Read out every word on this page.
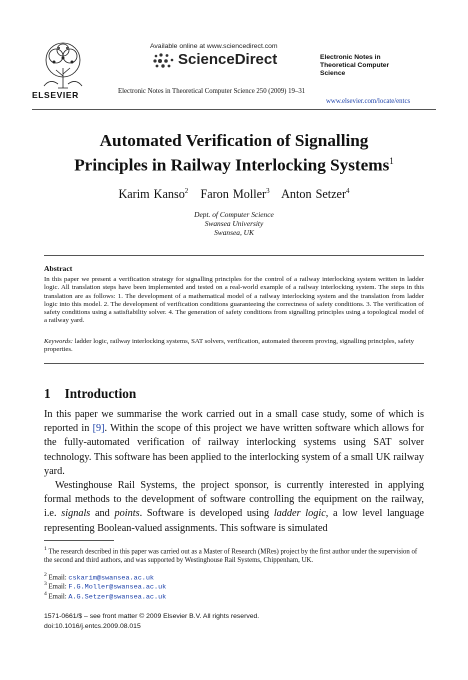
ELSEVIER
Available online at www.sciencedirect.com
ScienceDirect	Electronic Notes in
Theoretical Computer
Science
Electronic Notes in Theoretical Computer Science 250 (2009) 19–31
www.elsevier.com/locate/entcs
Automated Verification of Signalling
Principles in Railway Interlocking Systems$^1$
Karim Kanso$^2$ Faron Moller$^3$ Anton Setzer$^4$
Dept. of Computer Science
Swansea University
Swansea, UK
Abstract
In this paper we present a verification strategy for signalling principles for the control of a railway interlocking system written in ladder logic. All translation steps have been implemented and tested on a real-world example of a railway interlocking system. The steps in this translation are as follows: 1. The development of a mathematical model of a railway interlocking system and the translation from ladder logic into this model. 2. The development of verification conditions guaranteeing the correctness of safety conditions. 3. The verification of safety conditions using a satisfiability solver. 4. The generation of safety conditions from signalling principles using a topological model of a railway yard.
Keywords: ladder logic, railway interlocking systems, SAT solvers, verification, automated theorem proving, signalling principles, safety properties.
1 Introduction
In this paper we summarise the work carried out in a small case study, some of which is reported in [9]. Within the scope of this project we have written software which allows for the fully-automated verification of railway interlocking systems using SAT solver technology. This software has been applied to the interlocking system of a small UK railway yard.
Westinghouse Rail Systems, the project sponsor, is currently interested in applying formal methods to the development of software controlling the equipment on the railway, i.e. signals and points. Software is developed using ladder logic, a low level language representing Boolean-valued assignments. This software is simulated
$^1$ The research described in this paper was carried out as a Master of Research (MRes) project by the first author under the supervision of the second and third authors, and was supported by Westinghouse Rail Systems, Chippenham, UK.
$^2$ Email: cskarim@swansea.ac.uk
$^3$ Email: F.G.Moller@swansea.ac.uk
$^4$ Email: A.G.Setzer@swansea.ac.uk
1571-0661/$ – see front matter © 2009 Elsevier B.V. All rights reserved.
doi:10.1016/j.entcs.2009.08.015
